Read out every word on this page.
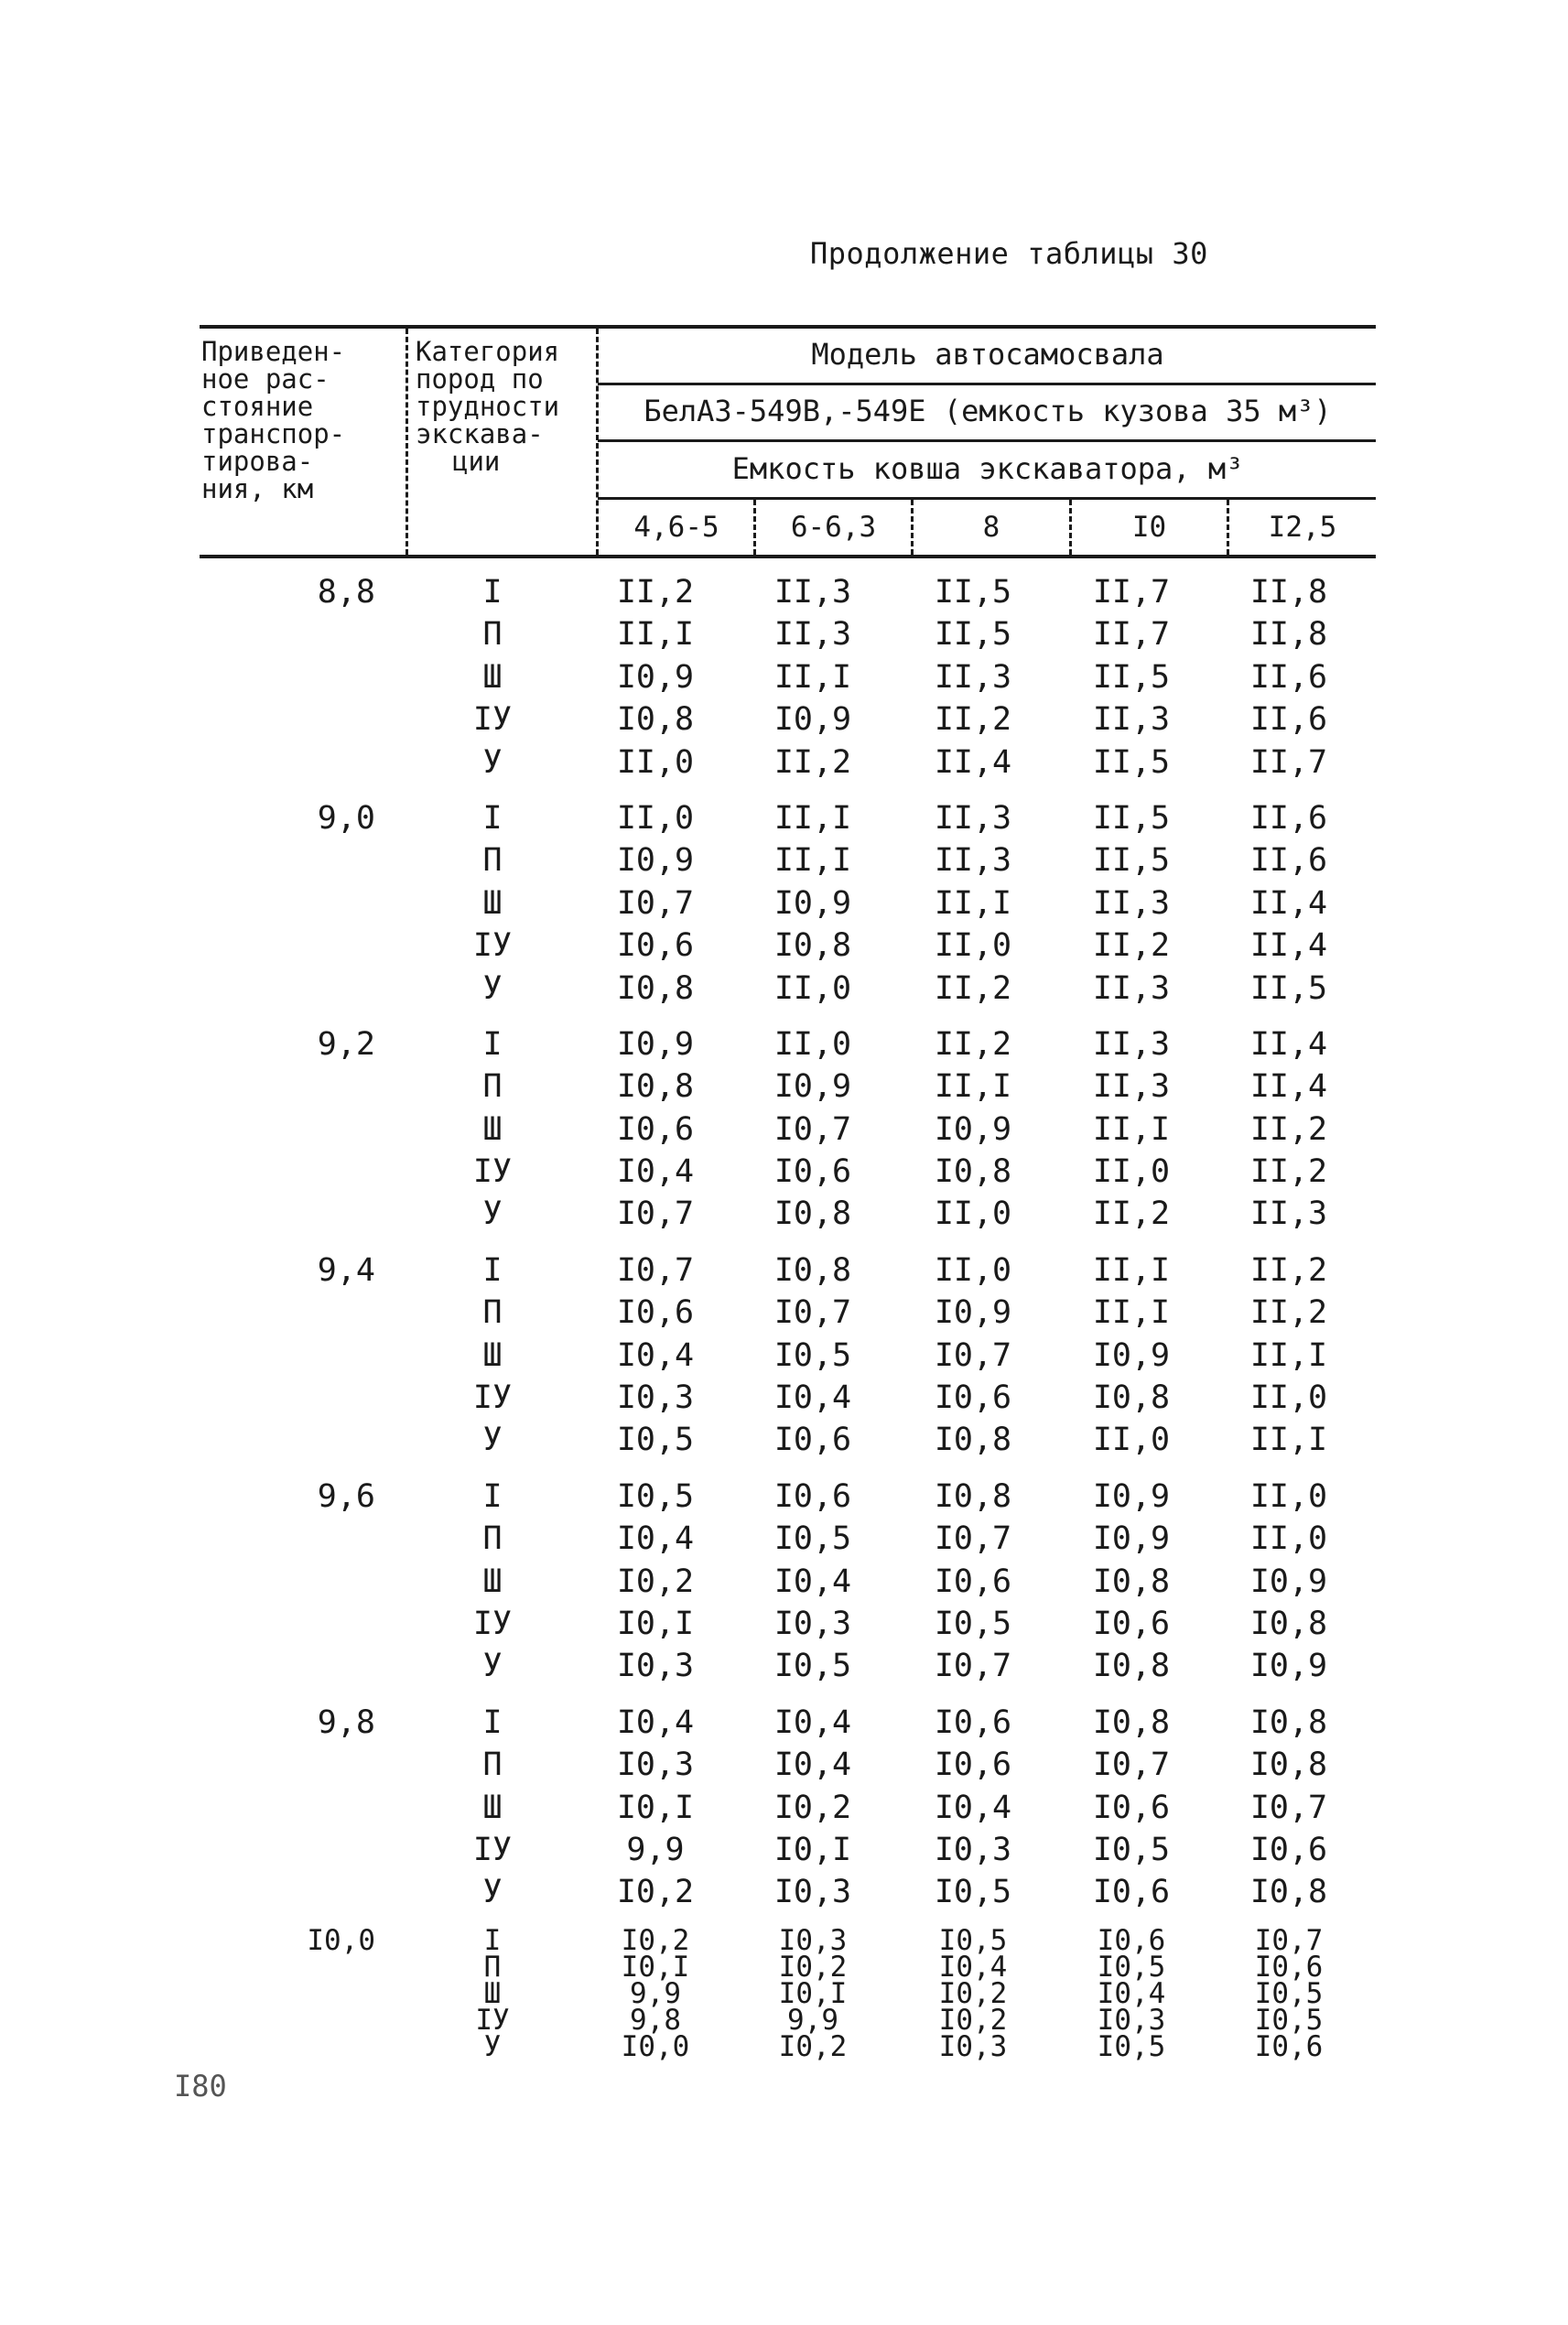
Продолжение таблицы 30
Приведен-
ное рас-
стояние
транспор-
тирова-
ния, км
Категория
пород по
трудности
экскава-
ции
Модель автосамосвала
БелАЗ-549В,-549Е (емкость кузова 35 м³)
Емкость ковша экскаватора, м³
4,6-5	6-6,3	8	I0	I2,5
8,8	I	II,2	II,3	II,5	II,7	II,8
П	II,I	II,3	II,5	II,7	II,8
Ш	I0,9	II,I	II,3	II,5	II,6
ІУ	I0,8	I0,9	II,2	II,3	II,6
У	II,0	II,2	II,4	II,5	II,7
9,0	I	II,0	II,I	II,3	II,5	II,6
П	I0,9	II,I	II,3	II,5	II,6
Ш	I0,7	I0,9	II,I	II,3	II,4
ІУ	I0,6	I0,8	II,0	II,2	II,4
У	I0,8	II,0	II,2	II,3	II,5
9,2	I	I0,9	II,0	II,2	II,3	II,4
П	I0,8	I0,9	II,I	II,3	II,4
Ш	I0,6	I0,7	I0,9	II,I	II,2
ІУ	I0,4	I0,6	I0,8	II,0	II,2
У	I0,7	I0,8	II,0	II,2	II,3
9,4	I	I0,7	I0,8	II,0	II,I	II,2
П	I0,6	I0,7	I0,9	II,I	II,2
Ш	I0,4	I0,5	I0,7	I0,9	II,I
ІУ	I0,3	I0,4	I0,6	I0,8	II,0
У	I0,5	I0,6	I0,8	II,0	II,I
9,6	I	I0,5	I0,6	I0,8	I0,9	II,0
П	I0,4	I0,5	I0,7	I0,9	II,0
Ш	I0,2	I0,4	I0,6	I0,8	I0,9
ІУ	I0,I	I0,3	I0,5	I0,6	I0,8
У	I0,3	I0,5	I0,7	I0,8	I0,9
9,8	I	I0,4	I0,4	I0,6	I0,8	I0,8
П	I0,3	I0,4	I0,6	I0,7	I0,8
Ш	I0,I	I0,2	I0,4	I0,6	I0,7
ІУ	9,9	I0,I	I0,3	I0,5	I0,6
У	I0,2	I0,3	I0,5	I0,6	I0,8
I0,0	I	I0,2	I0,3	I0,5	I0,6	I0,7
П	I0,I	I0,2	I0,4	I0,5	I0,6
Ш	9,9	I0,I	I0,2	I0,4	I0,5
ІУ	9,8	9,9	I0,2	I0,3	I0,5
У	I0,0	I0,2	I0,3	I0,5	I0,6
I80
